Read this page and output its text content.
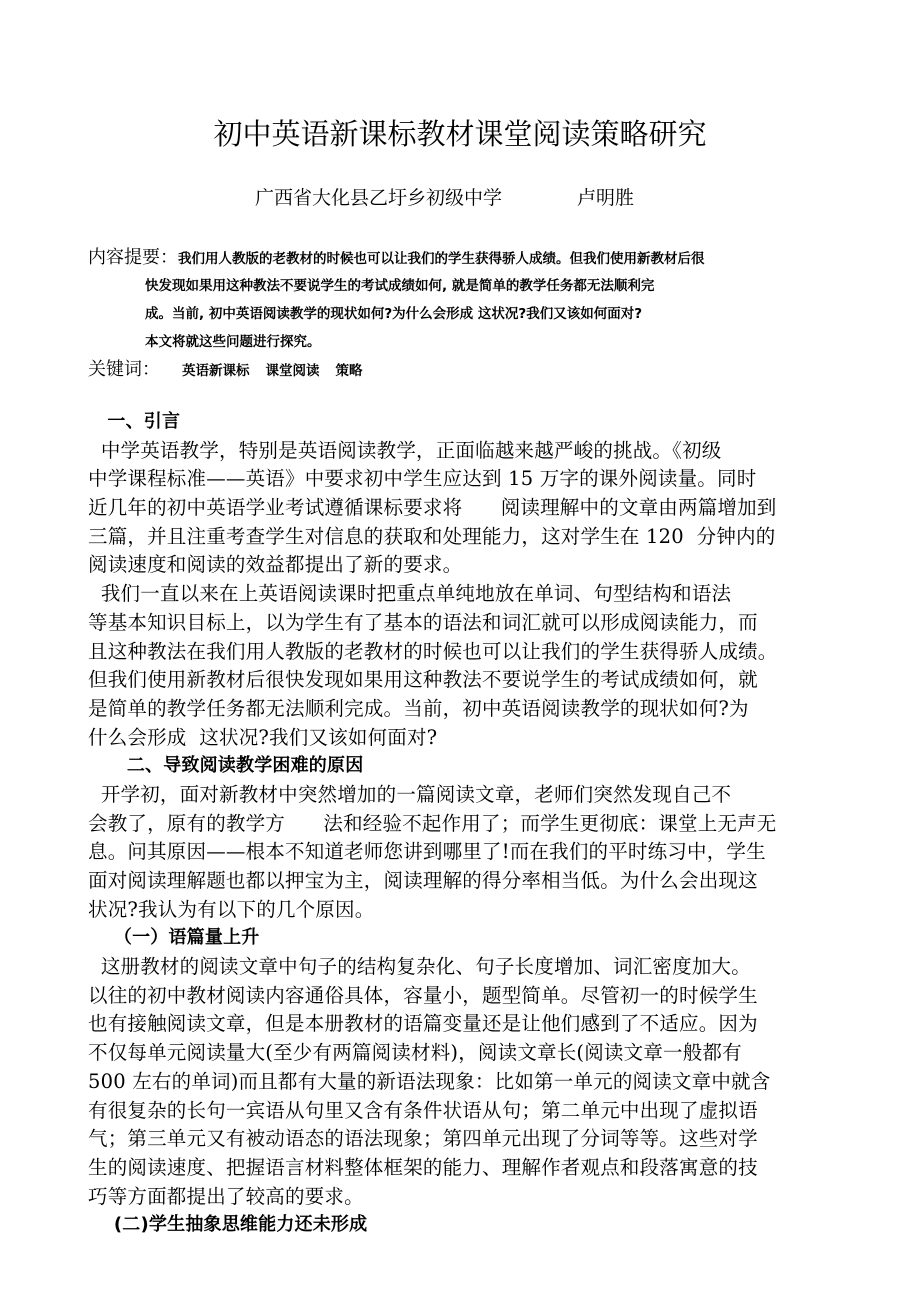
初中英语新课标教材课堂阅读策略研究
广西省大化县乙圩乡初级中学	卢明胜
内容提要：我们用人教版的老教材的时候也可以让我们的学生获得骄人成绩。但我们使用新教材后很
快发现如果用这种教法不要说学生的考试成绩如何, 就是简单的教学任务都无法顺利完
成。当前, 初中英语阅读教学的现状如何?为什么会形成 这状况?我们又该如何面对?
本文将就这些问题进行探究。
关键词： 英语新课标 课堂阅读 策略
一、引言
中学英语教学，特别是英语阅读教学，正面临越来越严峻的挑战。《初级
中学课程标准——英语》中要求初中学生应达到 15 万字的课外阅读量。同时
近几年的初中英语学业考试遵循课标要求将      阅读理解中的文章由两篇增加到
三篇，并且注重考查学生对信息的获取和处理能力，这对学生在 120  分钟内的
阅读速度和阅读的效益都提出了新的要求。
我们一直以来在上英语阅读课时把重点单纯地放在单词、句型结构和语法
等基本知识目标上，以为学生有了基本的语法和词汇就可以形成阅读能力，而
且这种教法在我们用人教版的老教材的时候也可以让我们的学生获得骄人成绩。
但我们使用新教材后很快发现如果用这种教法不要说学生的考试成绩如何，就
是简单的教学任务都无法顺利完成。当前，初中英语阅读教学的现状如何?为
什么会形成  这状况?我们又该如何面对?
二、导致阅读教学困难的原因
开学初，面对新教材中突然增加的一篇阅读文章，老师们突然发现自己不
会教了，原有的教学方      法和经验不起作用了；而学生更彻底：课堂上无声无
息。问其原因——根本不知道老师您讲到哪里了!而在我们的平时练习中，学生
面对阅读理解题也都以押宝为主，阅读理解的得分率相当低。为什么会出现这
状况?我认为有以下的几个原因。
（一）语篇量上升
这册教材的阅读文章中句子的结构复杂化、句子长度增加、词汇密度加大。
以往的初中教材阅读内容通俗具体，容量小，题型简单。尽管初一的时候学生
也有接触阅读文章，但是本册教材的语篇变量还是让他们感到了不适应。因为
不仅每单元阅读量大(至少有两篇阅读材料)，阅读文章长(阅读文章一般都有
500 左右的单词)而且都有大量的新语法现象：比如第一单元的阅读文章中就含
有很复杂的长句一宾语从句里又含有条件状语从句；第二单元中出现了虚拟语
气；第三单元又有被动语态的语法现象；第四单元出现了分词等等。这些对学
生的阅读速度、把握语言材料整体框架的能力、理解作者观点和段落寓意的技
巧等方面都提出了较高的要求。
(二)学生抽象思维能力还未形成
